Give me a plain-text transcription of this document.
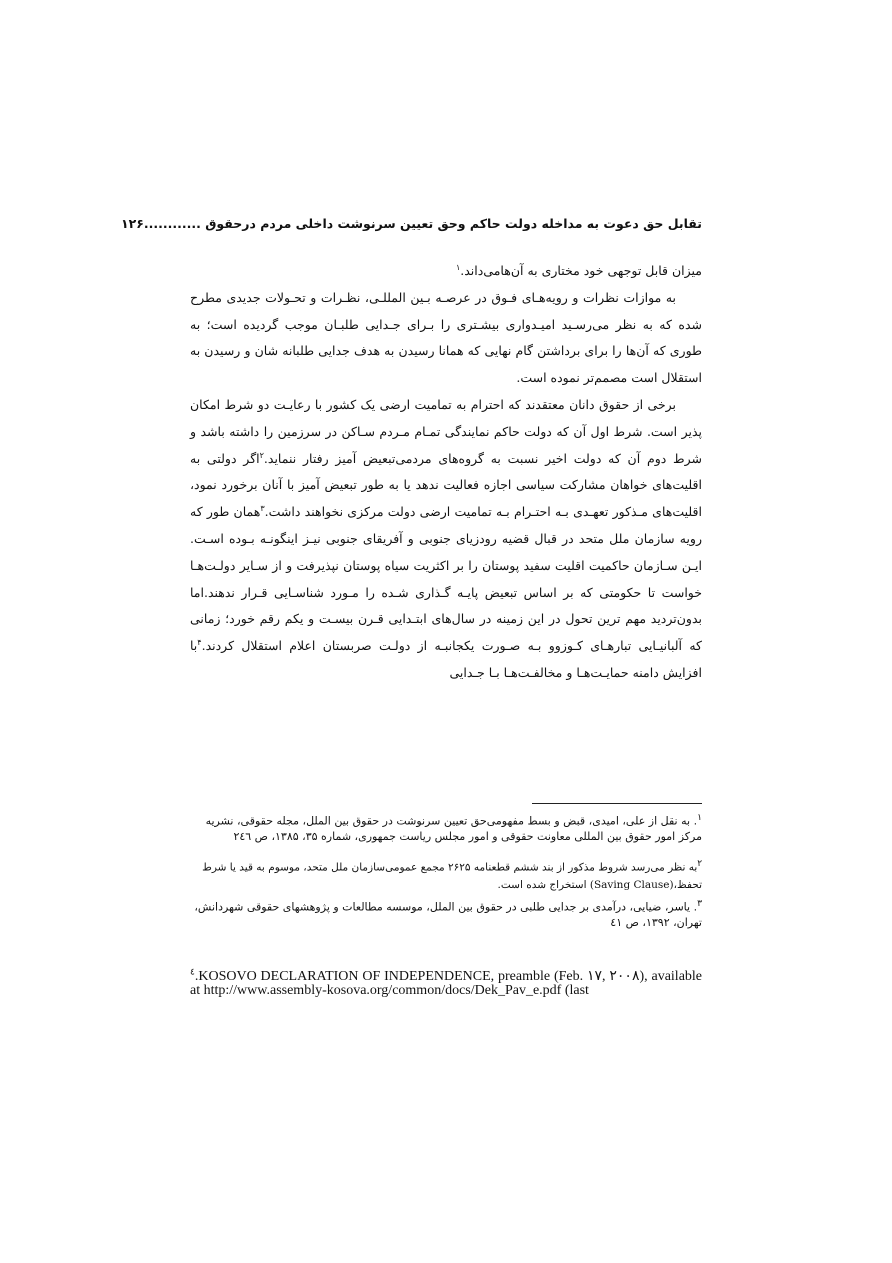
تقابل حق دعوت به مداخله دولت حاکم وحق تعیین سرنوشت داخلی مردم درحقوق ............۱۲۶

میزان قابل توجهی خود مختاری به آن‌هامی‌داند.$^۱$

به موازات نظرات و رویه‌هـای فـوق در عرصـه بـین المللـی، نظـرات و تحـولات جدیدی مطرح شده که به نظر می‌رسـید امیـدواری بیشـتری را بـرای جـدایی طلبـان موجب گردیده است؛ به طوری که آن‌ها را برای برداشتن گام نهایی که همانا رسیدن به هدف جدایی طلبانه شان و رسیدن به استقلال است مصمم‌تر نموده است.

برخی از حقوق دانان معتقدند که احترام به تمامیت ارضی یک کشور با رعایـت دو شرط امکان پذیر است. شرط اول آن که دولت حاکم نمایندگی تمـام مـردم سـاکن در سرزمین را داشته باشد و شرط دوم آن که دولت اخیر نسبت به گروه‌های مردمی‌تبعیض آمیز رفتار ننماید.$^۲$اگر دولتی به اقلیت‌های خواهان مشارکت سیاسی اجازه فعالیت ندهد یا به طور تبعیض آمیز با آنان برخورد نمود، اقلیت‌های مـذکور تعهـدی بـه احتـرام بـه تمامیت ارضی دولت مرکزی نخواهند داشت.$^۳$همان طور که رویه سازمان ملل متحد در قبال قضیه رودزیای جنوبی و آفریقای جنوبی نیـز اینگونـه بـوده اسـت. ایـن سـازمان حاکمیت اقلیت سفید پوستان را بر اکثریت سیاه پوستان نپذیرفت و از سـایر دولـت‌هـا خواست تا حکومتی که بر اساس تبعیض پایـه گـذاری شـده را مـورد شناسـایی قـرار ندهند.اما بدون‌تردید مهم ترین تحول در این زمینه در سال‌های ابتـدایی قـرن بیسـت و یکم رقم خورد؛ زمانی که آلبانیـایی تبارهـای کـوزوو بـه صـورت یکجانبـه از دولـت صربستان اعلام استقلال کردند.$^۴$با افزایش دامنه حمایـت‌هـا و مخالفـت‌هـا بـا جـدایی

$^۱$. به نقل از علی، امیدی، قبض و بسط مفهومی‌حق تعیین سرنوشت در حقوق بین الملل، مجله حقوقی، نشریه مرکز امور حقوق بین المللی معاونت حقوقی و امور مجلس ریاست جمهوری، شماره ۳۵، ۱۳۸۵، ص ۲٤٦
$^۲$به نظر می‌رسد شروط مذکور از بند ششم قطعنامه ۲۶۲۵ مجمع عمومی‌سازمان ملل متحد، موسوم به قید یا شرط تحفظ،(Saving Clause) استخراج شده است.
$^۳$. یاسر، ضیایی، درآمدی بر جدایی طلبی در حقوق بین الملل، موسسه مطالعات و پژوهشهای حقوقی شهردانش، تهران، ۱۳۹۲، ص ٤۱
$^٤$.KOSOVO DECLARATION OF INDEPENDENCE, preamble (Feb. ۱۷, ۲۰۰۸), available at http://www.assembly-kosova.org/common/docs/Dek_Pav_e.pdf (last
